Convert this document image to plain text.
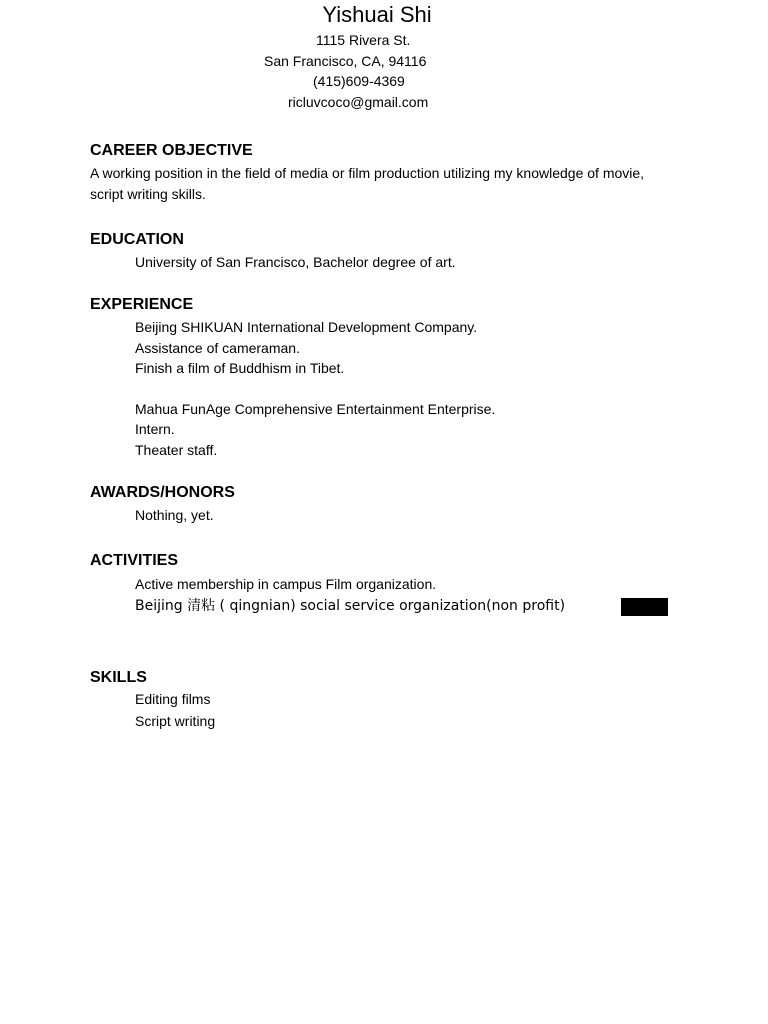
Yishuai Shi
1115 Rivera St.
San Francisco, CA, 94116
(415)609-4369
ricluvcoco@gmail.com
CAREER OBJECTIVE
A working position in the field of media or film production utilizing my knowledge of movie, script writing skills.
EDUCATION
University of San Francisco, Bachelor degree of art.
EXPERIENCE
Beijing SHIKUAN International Development Company.
Assistance of cameraman.
Finish a film of Buddhism in Tibet.
Mahua FunAge Comprehensive Entertainment Enterprise.
Intern.
Theater staff.
AWARDS/HONORS
Nothing, yet.
ACTIVITIES
Active membership in campus Film organization.
Beijing 清粘 ( qingnian) social service organization(non profit)
SKILLS
Editing films
Script writing
